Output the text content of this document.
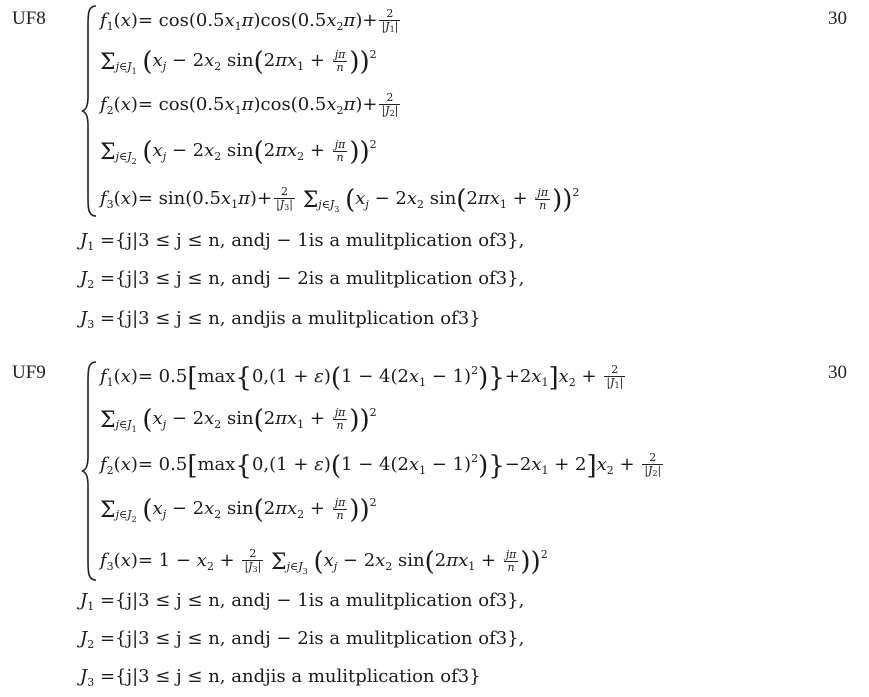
UF8	30
$f_1(x)= \cos(0.5x_1\pi)\cos(0.5x_2\pi)+ \frac{2}{|J_1|}$
$\Sigma_{j\in J_1}$ ($x_j - 2x_2$ $\sin(2\pi x_1 + \frac{j\pi}{n} ))^2$
$f_2(x)= \cos(0.5x_1\pi)\cos(0.5x_2\pi)+ \frac{2}{|J_2|}$
$\Sigma_{j\in J_2}$ ($x_j - 2x_2$ $\sin(2\pi x_2 + \frac{j\pi}{n} ))^2$
$f_3(x)= \sin(0.5x_1\pi)+ \frac{2}{|J_3|} \Sigma_{j\in J_3}$ ($x_j - 2x_2$ $\sin(2\pi x_1 + \frac{j\pi}{n} ))^2$
$J_1 =\{j|3 \le j \le n$, andj − 1is a mulitplication of3},
$J_2 =\{j|3 \le j \le n$, andj − 2is a mulitplication of3},
$J_3 =\{j|3 \le j \le n$, andjis a mulitplication of3}
UF9	30
$f_1(x)= 0.5[\max\{0,(1 + \varepsilon)(1 - 4(2x_1 - 1)^2)\}+2x_1]x_2 + \frac{2}{|J_1|}$
$\Sigma_{j\in J_1}$ ($x_j - 2x_2$ $\sin(2\pi x_1 + \frac{j\pi}{n} ))^2$
$f_2(x)= 0.5[\max\{0,(1 + \varepsilon)(1 - 4(2x_1 - 1)^2)\}-2x_1 + 2]x_2 + \frac{2}{|J_2|}$
$\Sigma_{j\in J_2}$ ($x_j - 2x_2$ $\sin(2\pi x_2 + \frac{j\pi}{n} ))^2$
$f_3(x)= 1 - x_2 + \frac{2}{|J_3|} \Sigma_{j\in J_3}$ ($x_j - 2x_2$ $\sin(2\pi x_1 + \frac{j\pi}{n} ))^2$
$J_1 =\{j|3 \le j \le n$, andj − 1is a mulitplication of3},
$J_2 =\{j|3 \le j \le n$, andj − 2is a mulitplication of3},
$J_3 =\{j|3 \le j \le n$, andjis a mulitplication of3}
